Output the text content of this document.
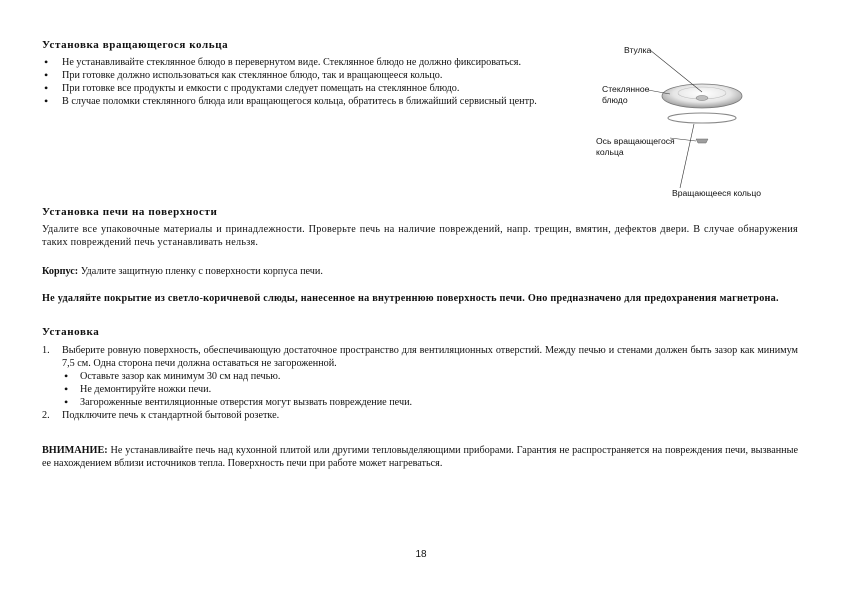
Установка вращающегося кольца
• Не устанавливайте стеклянное блюдо в перевернутом виде. Стеклянное блюдо не должно фиксироваться.
• При готовке должно использоваться как стеклянное блюдо, так и вращающееся кольцо.
• При готовке все продукты и емкости с продуктами следует помещать на стеклянное блюдо.
• В случае поломки стеклянного блюда или вращающегося кольца, обратитесь в ближайший сервисный центр.
Втулка
Стеклянное
блюдо
Ось вращающегося
кольца
Вращающееся кольцо
Установка печи на поверхности

Удалите все упаковочные материалы и принадлежности. Проверьте печь на наличие повреждений, напр. трещин, вмятин, дефектов двери. В случае обнаружения таких повреждений печь устанавливать нельзя.

Корпус: Удалите защитную пленку с поверхности корпуса печи.

Не удаляйте покрытие из светло-коричневой слюды, нанесенное на внутреннюю поверхность печи. Оно предназначено для предохранения магнетрона.

Установка
1. Выберите ровную поверхность, обеспечивающую достаточное пространство для вентиляционных отверстий. Между печью и стенами должен быть зазор как минимум 7,5 см. Одна сторона печи должна оставаться не загороженной.
• Оставьте зазор как минимум 30 см над печью.
• Не демонтируйте ножки печи.
• Загороженные вентиляционные отверстия могут вызвать повреждение печи.
2. Подключите печь к стандартной бытовой розетке.

ВНИМАНИЕ: Не устанавливайте печь над кухонной плитой или другими тепловыделяющими приборами. Гарантия не распространяется на повреждения печи, вызванные ее нахождением вблизи источников тепла. Поверхность печи при работе может нагреваться.

18
